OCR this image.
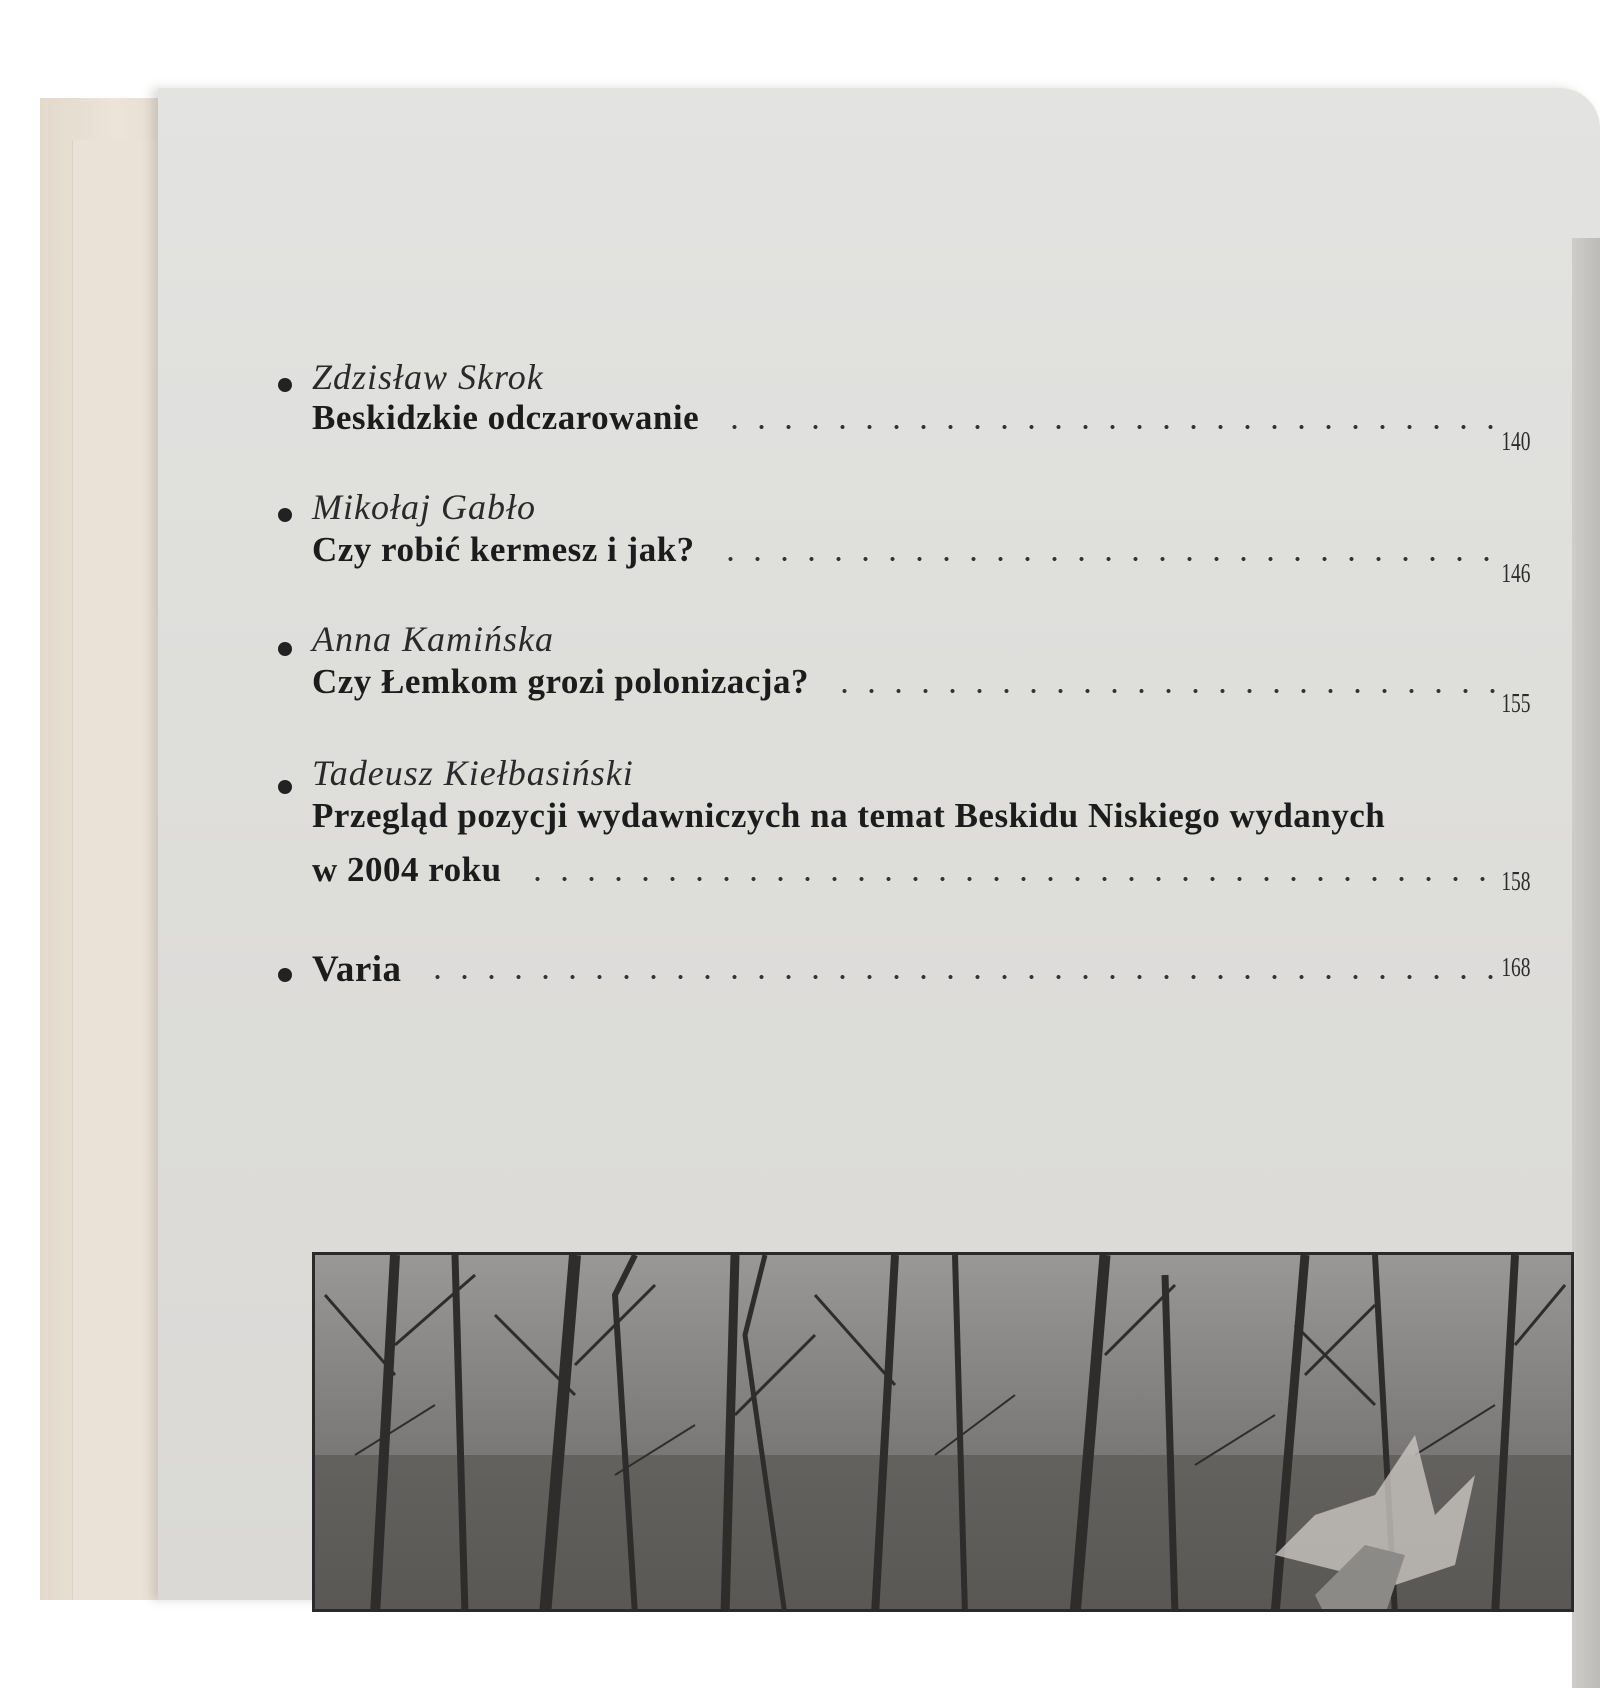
Zdzisław Skrok
Beskidzkie odczarowanie
140
Mikołaj Gabło
Czy robić kermesz i jak?
146
Anna Kamińska
Czy Łemkom grozi polonizacja?
155
Tadeusz Kiełbasiński
Przegląd pozycji wydawniczych na temat Beskidu Niskiego wydanych
w 2004 roku	158
Varia	168
